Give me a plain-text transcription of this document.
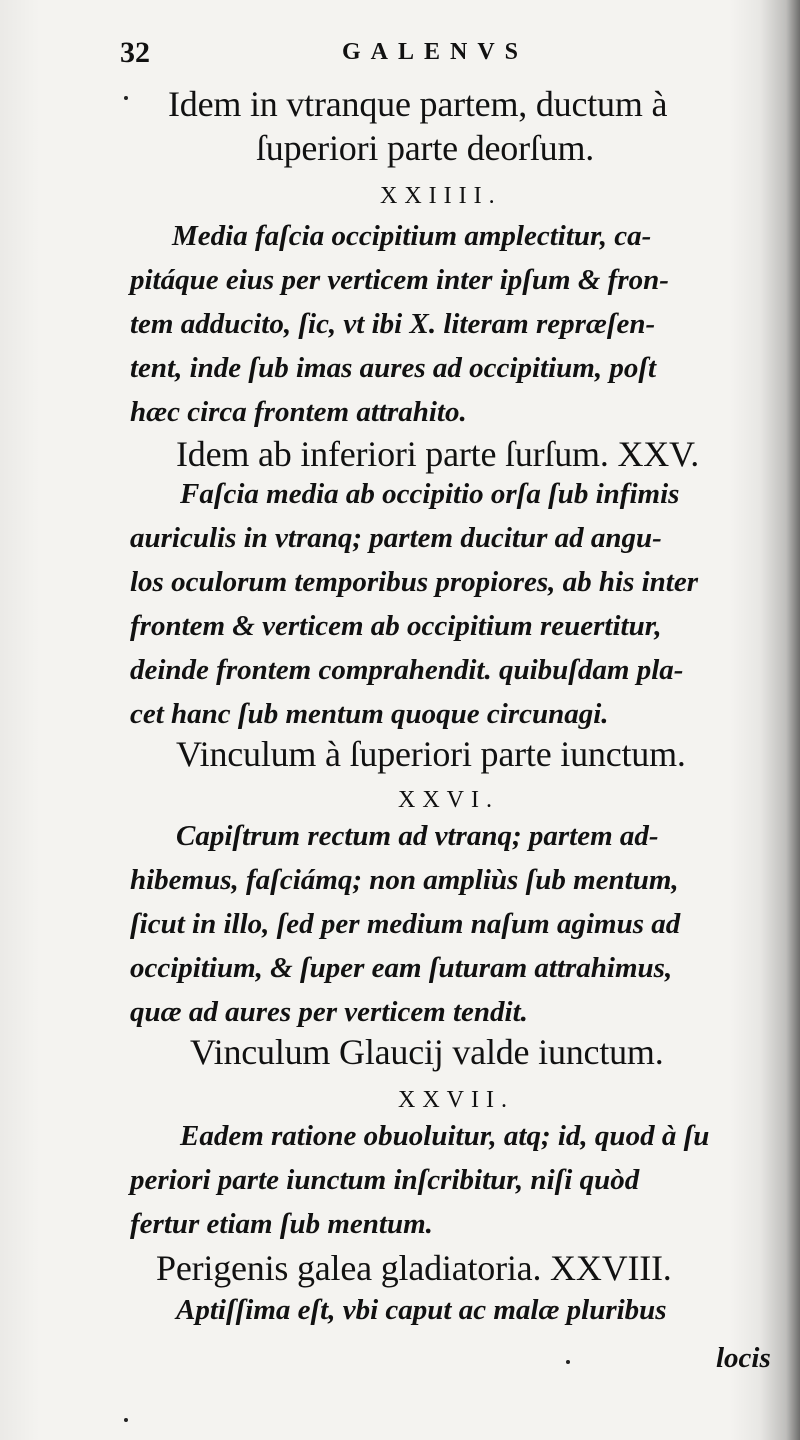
32	GALENVS
Idem in vtranque partem, ductum à
ſuperiori parte deorſum.
XXIIII.
Media faſcia occipitium amplectitur, ca-
pitáque eius per verticem inter ipſum & fron-
tem adducito, ſic, vt ibi X. literam repræſen-
tent, inde ſub imas aures ad occipitium, poſt
hæc circa frontem attrahito.
Idem ab inferiori parte ſurſum. XXV.
Faſcia media ab occipitio orſa ſub infimis
auriculis in vtranq; partem ducitur ad angu-
los oculorum temporibus propiores, ab his inter
frontem & verticem ab occipitium reuertitur,
deinde frontem comprahendit. quibuſdam pla-
cet hanc ſub mentum quoque circunagi.
Vinculum à ſuperiori parte iunctum.
XXVI.
Capiſtrum rectum ad vtranq; partem ad-
hibemus, faſciámq; non ampliùs ſub mentum,
ſicut in illo, ſed per medium naſum agimus ad
occipitium, & ſuper eam ſuturam attrahimus,
quæ ad aures per verticem tendit.
Vinculum Glaucij valde iunctum.
XXVII.
Eadem ratione obuoluitur, atq; id, quod à ſu
periori parte iunctum inſcribitur, niſi quòd
fertur etiam ſub mentum.
Perigenis galea gladiatoria. XXVIII.
Aptiſſima eſt, vbi caput ac malæ pluribus
locis
